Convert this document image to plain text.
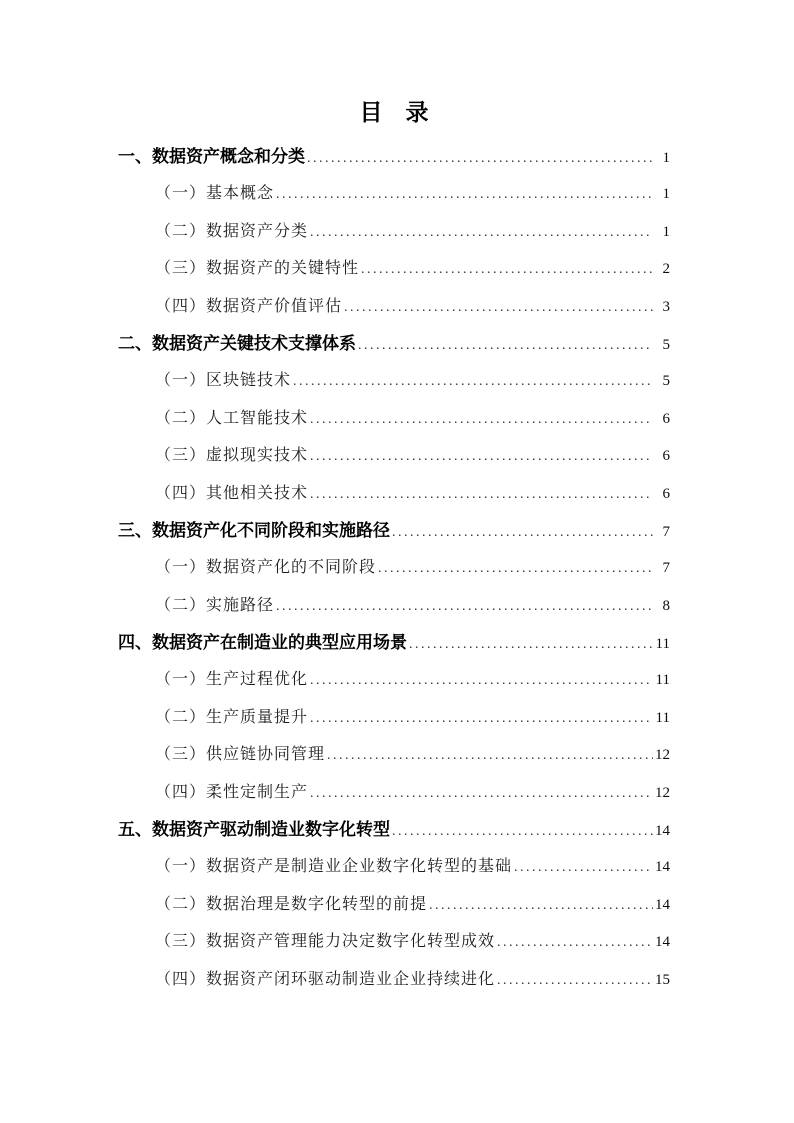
目　录
一、数据资产概念和分类 .....	1
（一）基本概念 .....	1
（二）数据资产分类 .....	1
（三）数据资产的关键特性 .....	2
（四）数据资产价值评估 .....	3
二、数据资产关键技术支撑体系 .....	5
（一）区块链技术 .....	5
（二）人工智能技术 .....	6
（三）虚拟现实技术 .....	6
（四）其他相关技术 .....	6
三、数据资产化不同阶段和实施路径 .....	7
（一）数据资产化的不同阶段 .....	7
（二）实施路径 .....	8
四、数据资产在制造业的典型应用场景 .....	11
（一）生产过程优化 .....	11
（二）生产质量提升 .....	11
（三）供应链协同管理 .....	12
（四）柔性定制生产 .....	12
五、数据资产驱动制造业数字化转型 .....	14
（一）数据资产是制造业企业数字化转型的基础 .....	14
（二）数据治理是数字化转型的前提 .....	14
（三）数据资产管理能力决定数字化转型成效 .....	14
（四）数据资产闭环驱动制造业企业持续进化 .....	15
